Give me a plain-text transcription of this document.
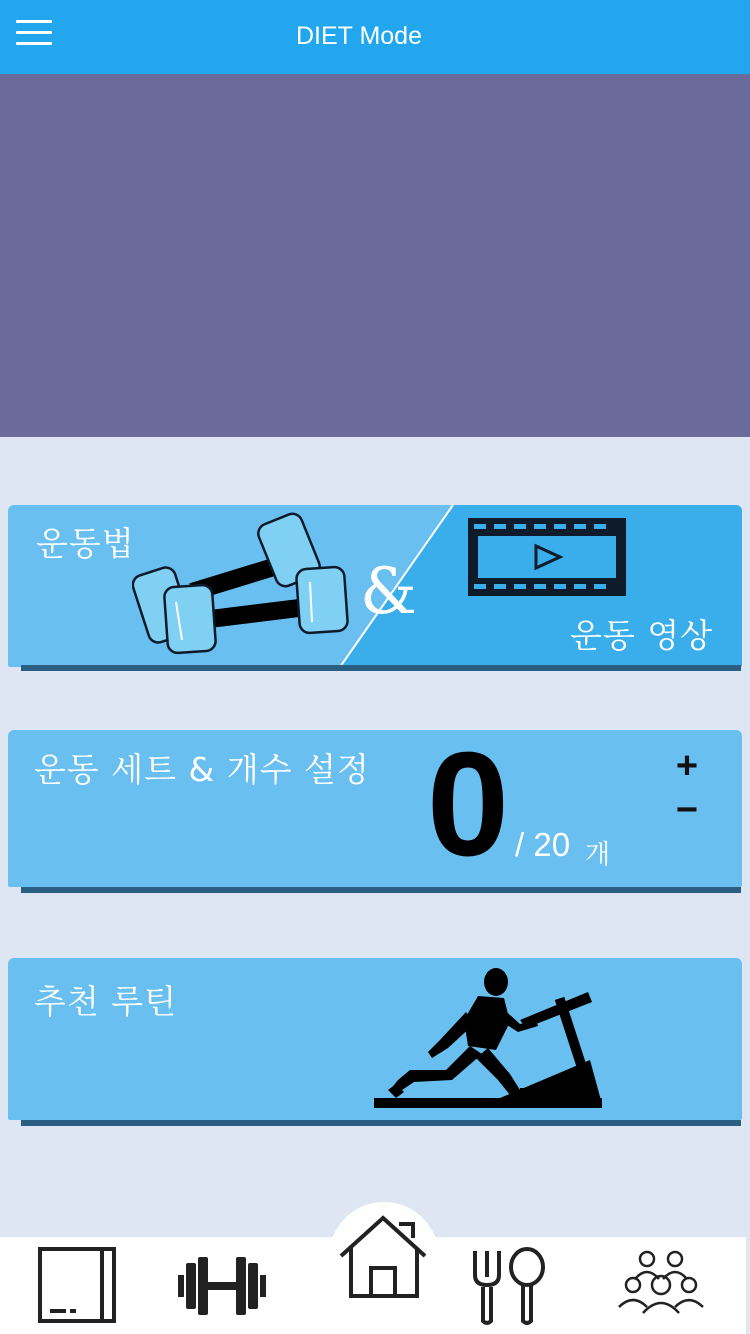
DIET Mode
운동법
&
운동 영상
운동 세트 & 개수 설정 0 / 20 개
+
−
추천 루틴
